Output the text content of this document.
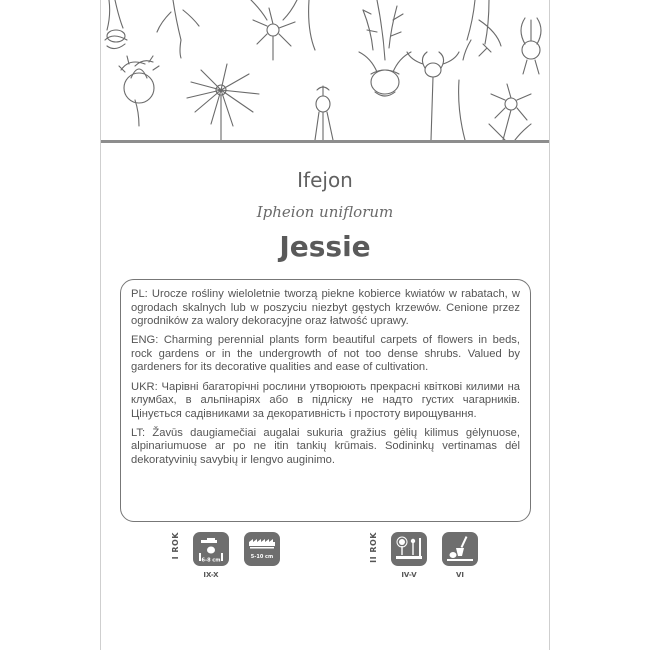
Ifejon
Ipheion uniflorum
Jessie

PL: Urocze rośliny wieloletnie tworzą piekne kobierce kwiatów w rabatach, w ogrodach skalnych lub w poszyciu niezbyt gęstych krzewów. Cenione przez ogrodników za walory dekoracyjne oraz łatwość uprawy.

ENG: Charming perennial plants form beautiful carpets of flowers in beds, rock gardens or in the undergrowth of not too dense shrubs. Valued by gardeners for its decorative qualities and ease of cultivation.

UKR: Чарівні багаторічні рослини утворюють прекрасні квіткові килими на клумбах, в альпінаріях або в підліску не надто густих чагарників. Цінується садівниками за декоративність і простоту вирощування.

LT: Žavūs daugiamečiai augalai sukuria gražius gėlių kilimus gėlynuose, alpinariumuose ar po ne itin tankių krūmais. Sodininkų vertinamas dėl dekoratyvinių savybių ir lengvo auginimo.

I ROK
6-8 cm
IX-X
5-10 cm	II ROK
IV-V	VI
